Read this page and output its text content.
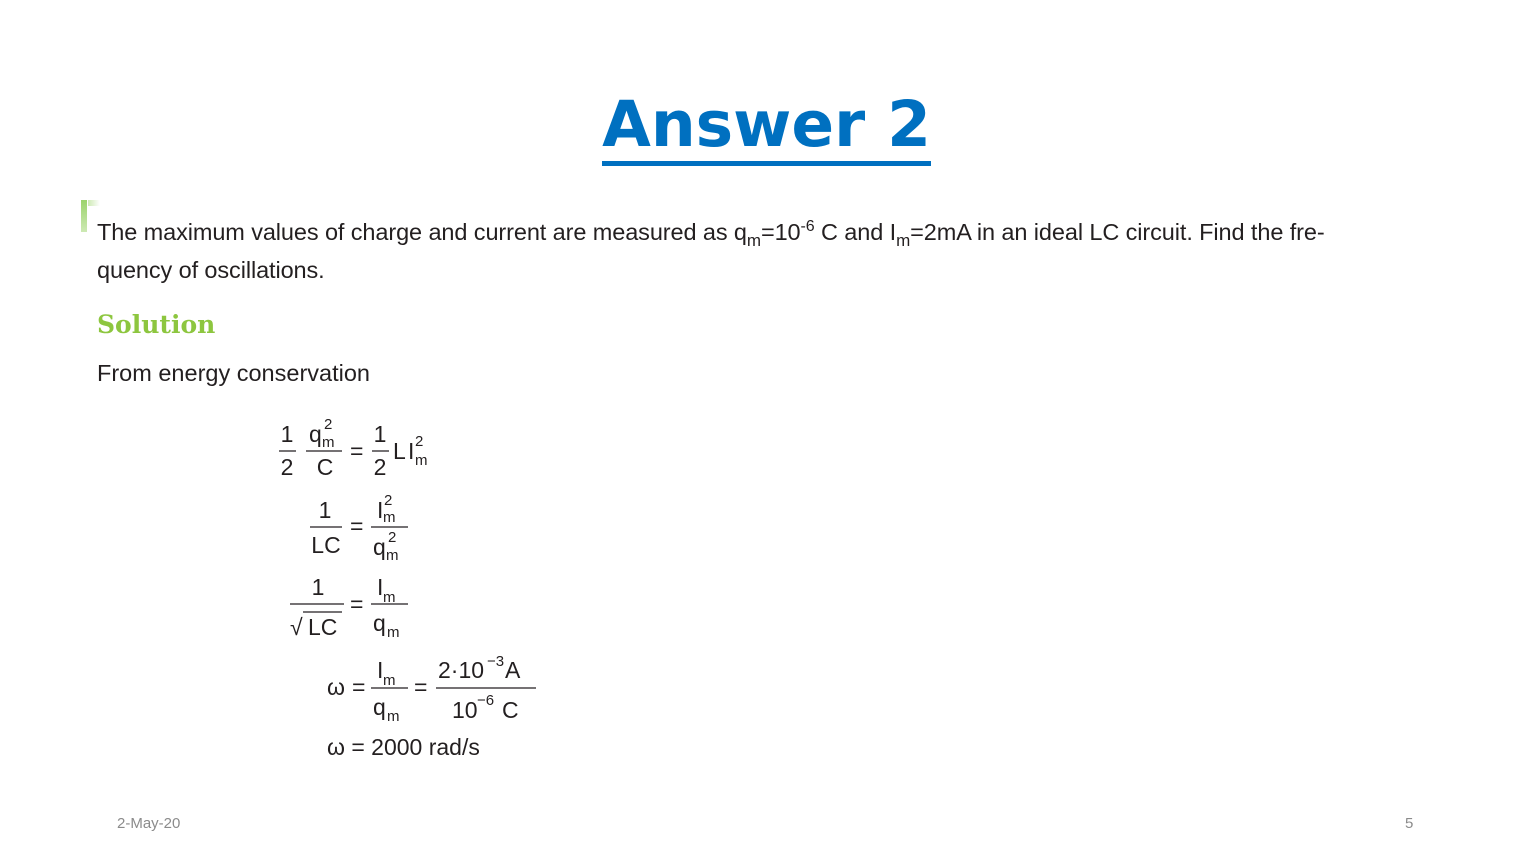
Answer 2
The maximum values of charge and current are measured as $q_m=10^{-6}$ C and $I_m=2mA$ in an ideal LC circuit. Find the fre-
quency of oscillations.
Solution
From energy conservation
1
2
q 2
m
C
=
1
2
L I 2
m
1
LC
=
I 2
m
q 2
m
1
√ LC
=
I m
q m
ω =
I m
q m
=
2·10 −3 A
10 −6 C
ω = 2000 rad/s
2-May-20	5
